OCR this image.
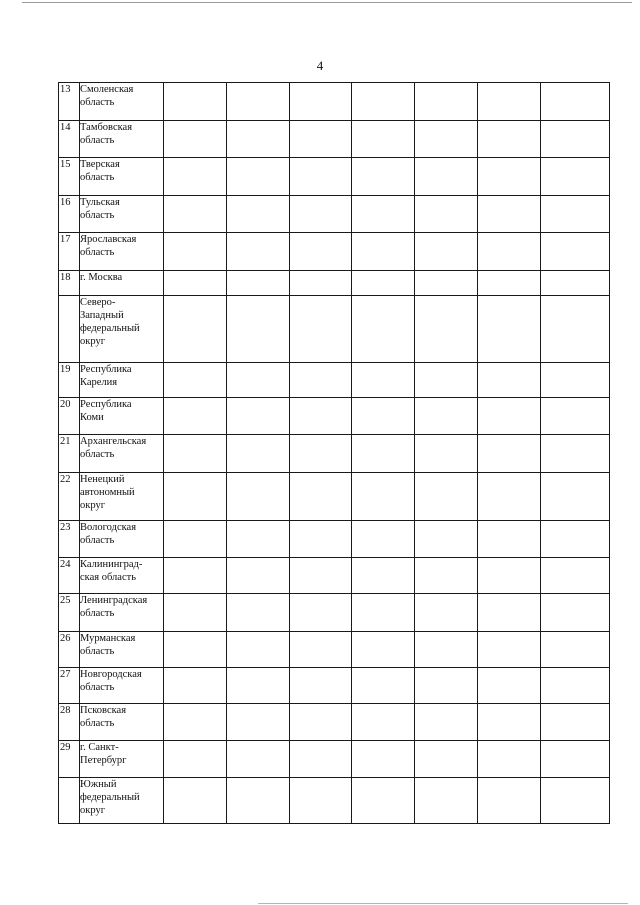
4
13	Смоленская
область							

14	Тамбовская
область							

15	Тверская
область							

16	Тульская
область							

17	Ярославская
область							

18	г. Москва							

	Северо-
Западный
федеральный
округ							

19	Республика
Карелия							

20	Республика
Коми							

21	Архангельская
область							

22	Ненецкий
автономный
округ							

23	Вологодская
область							

24	Калининград-
ская область							

25	Ленинградская
область							

26	Мурманская
область							

27	Новгородская
область							

28	Псковская
область							

29	г. Санкт-
Петербург							

	Южный
федеральный
округ							
